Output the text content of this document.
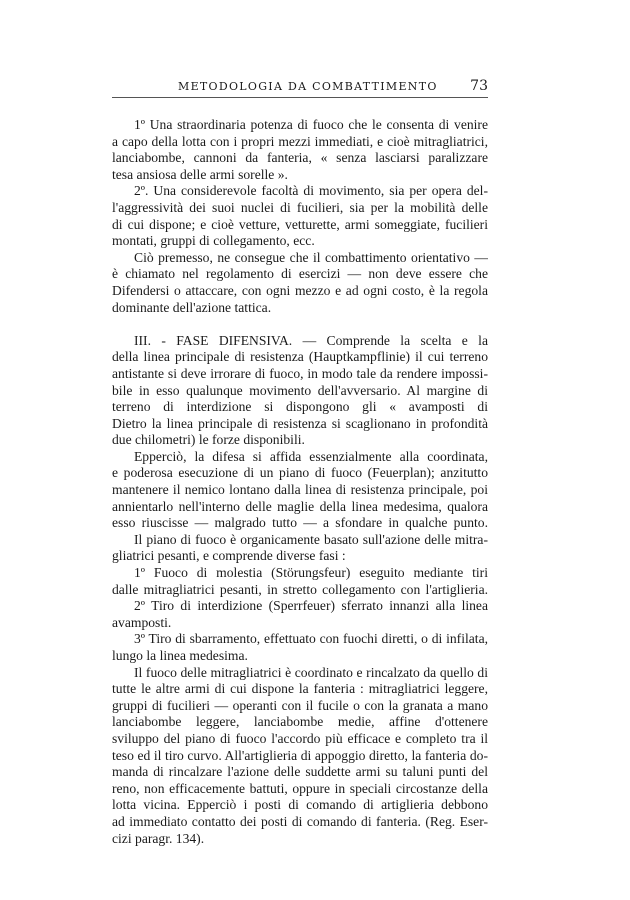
METODOLOGIA DA COMBATTIMENTO 73
1º Una straordinaria potenza di fuoco che le consenta di venire
a capo della lotta con i propri mezzi immediati, e cioè mitragliatrici,
lanciabombe, cannoni da fanteria, « senza lasciarsi paralizzare
tesa ansiosa delle armi sorelle ».
2º. Una considerevole facoltà di movimento, sia per opera del-
l'aggressività dei suoi nuclei di fucilieri, sia per la mobilità delle
di cui dispone; e cioè vetture, vetturette, armi someggiate, fucilieri
montati, gruppi di collegamento, ecc.
Ciò premesso, ne consegue che il combattimento orientativo —
è chiamato nel regolamento di esercizi — non deve essere che
Difendersi o attaccare, con ogni mezzo e ad ogni costo, è la regola
dominante dell'azione tattica.
III. - FASE DIFENSIVA. — Comprende la scelta e la
della linea principale di resistenza (Hauptkampflinie) il cui terreno
antistante si deve irrorare di fuoco, in modo tale da rendere impossi-
bile in esso qualunque movimento dell'avversario. Al margine di
terreno di interdizione si dispongono gli « avamposti di
Dietro la linea principale di resistenza si scaglionano in profondità
due chilometri) le forze disponibili.
Epperciò, la difesa si affida essenzialmente alla coordinata,
e poderosa esecuzione di un piano di fuoco (Feuerplan); anzitutto
mantenere il nemico lontano dalla linea di resistenza principale, poi
annientarlo nell'interno delle maglie della linea medesima, qualora
esso riuscisse — malgrado tutto — a sfondare in qualche punto.
Il piano di fuoco è organicamente basato sull'azione delle mitra-
gliatrici pesanti, e comprende diverse fasi :
1º Fuoco di molestia (Störungsfeur) eseguito mediante tiri
dalle mitragliatrici pesanti, in stretto collegamento con l'artiglieria.
2º Tiro di interdizione (Sperrfeuer) sferrato innanzi alla linea
avamposti.
3º Tiro di sbarramento, effettuato con fuochi diretti, o di infilata,
lungo la linea medesima.
Il fuoco delle mitragliatrici è coordinato e rincalzato da quello di
tutte le altre armi di cui dispone la fanteria : mitragliatrici leggere,
gruppi di fucilieri — operanti con il fucile o con la granata a mano
lanciabombe leggere, lanciabombe medie, affine d'ottenere
sviluppo del piano di fuoco l'accordo più efficace e completo tra il
teso ed il tiro curvo. All'artiglieria di appoggio diretto, la fanteria do-
manda di rincalzare l'azione delle suddette armi su taluni punti del
reno, non efficacemente battuti, oppure in speciali circostanze della
lotta vicina. Epperciò i posti di comando di artiglieria debbono
ad immediato contatto dei posti di comando di fanteria. (Reg. Eser-
cizi paragr. 134).
